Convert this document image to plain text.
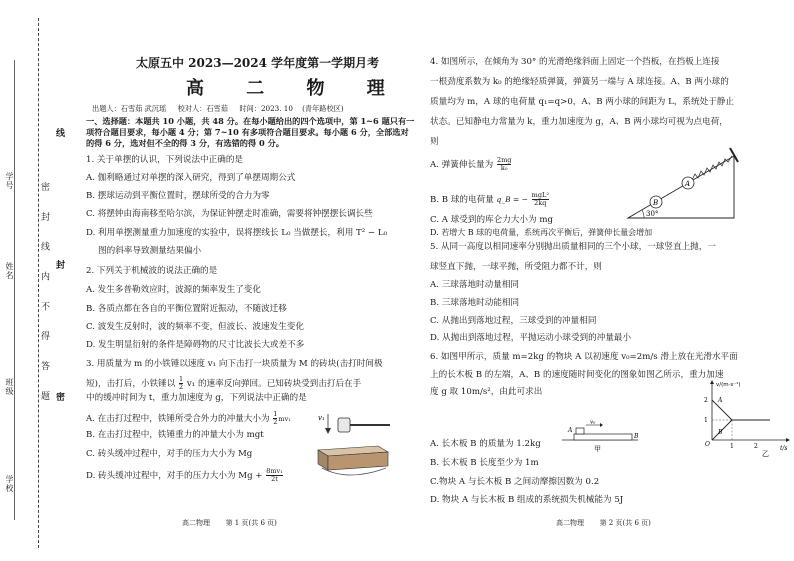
学号
姓名
班级
学校
密 封 线 内 不 得 答 题
线
封
密
太原五中 2023—2024 学年度第一学期月考
高 二 物 理
出题人：石雪茹 武沉瑶 校对人：石雪茹 时间：2023. 10 (青年路校区)
一、选择题：本题共 10 小题，共 48 分。在每小题给出的四个选项中，第 1~6 题只有一
项符合题目要求，每小题 4 分；第 7~10 有多项符合题目要求。每小题 6 分，全部选对
的得 6 分，选对但不全的得 3 分，有选错的得 0 分。
1. 关于单摆的认识，下列说法中正确的是
A. 伽利略通过对单摆的深入研究，得到了单摆周期公式
B. 摆球运动到平衡位置时，摆球所受的合力为零
C. 将摆钟由海南移至哈尔滨，为保证钟摆走时准确，需要将钟摆摆长调长些
D. 利用单摆测量重力加速度的实验中，误将摆线长 L₀ 当做摆长，利用 T² − L₀
图的斜率导致测量结果偏小
2. 下列关于机械波的说法正确的是
A. 发生多普勒效应时，波源的频率发生了变化
B. 各质点都在各自的平衡位置附近振动，不随波迁移
C. 波发生反射时，波的频率不变，但波长、波速发生变化
D. 发生明显衍射的条件是障碍物的尺寸比波长大或差不多
3. 用质量为 m 的小铁锤以速度 v₁ 向下击打一块质量为 M 的砖块(击打时间极
短)，击打后，小铁锤以 $\frac{1}{2} v_1$ 的速率反向弹回。已知砖块受到击打后在手
中的缓冲时间为 t，重力加速度为 g，下列说法中正确的是
A. 在击打过程中，铁锤所受合外力的冲量大小为 $\frac{1}{2} mv_1$
B. 在击打过程中，铁锤重力的冲量大小为 mgt
C. 砖头缓冲过程中，对手的压力大小为 Mg
D. 砖头缓冲过程中，对手的压力大小为 $Mg + \frac{\text{8mv₁}}{2t}$
v₁
高二物理 第 1 页(共 6 页)
4. 如图所示，在倾角为 30° 的光滑绝缘斜面上固定一个挡板，在挡板上连接
一根劲度系数为 k₀ 的绝缘轻质弹簧，弹簧另一端与 A 球连接。A、B 两小球的
质量均为 m，A 球的电荷量 q₁=q>0，A、B 两小球的间距为 L，系统处于静止
状态。已知静电力常量为 k，重力加速度为 g，A、B 两小球均可视为点电荷，
则
A. 弹簧伸长量为 $\frac{2mg}{\text{k₀}}$
B. B 球的电荷量 q_B = − $\frac{\text{mgL²}}{2kq}$
C. A 球受到的库仑力大小为 mg
D. 若增大 B 球的电荷量，系统再次平衡后，弹簧伸长量会增加
A
B
30°
5. 从同一高度以相同速率分别抛出质量相同的三个小球，一球竖直上抛，一
球竖直下抛，一球平抛，所受阻力都不计，则
A. 三球落地时动量相同
B. 三球落地时动能相同
C. 从抛出到落地过程，三球受到的冲量相同
D. 从抛出到落地过程，平抛运动小球受到的冲量最小
6. 如图甲所示，质量 m=2kg 的物块 A 以初速度 v₀=2m/s 滑上放在光滑水平面
上的长木板 B 的左端，A、B 的速度随时间变化的图象如图乙所示，重力加速
度 g 取 10m/s²，由此可求出
A. 长木板 B 的质量为 1.2kg
B. 长木板 B 长度至少为 1m
C.物块 A 与长木板 B 之间动摩擦因数为 0.2
D. 物块 A 与长木板 B 组成的系统损失机械能为 5J
A
B
v₀
甲
v/(m·s⁻¹)
t/s
2
1
1	2
O
A
B
乙
高二物理 第 2 页(共 6 页)
